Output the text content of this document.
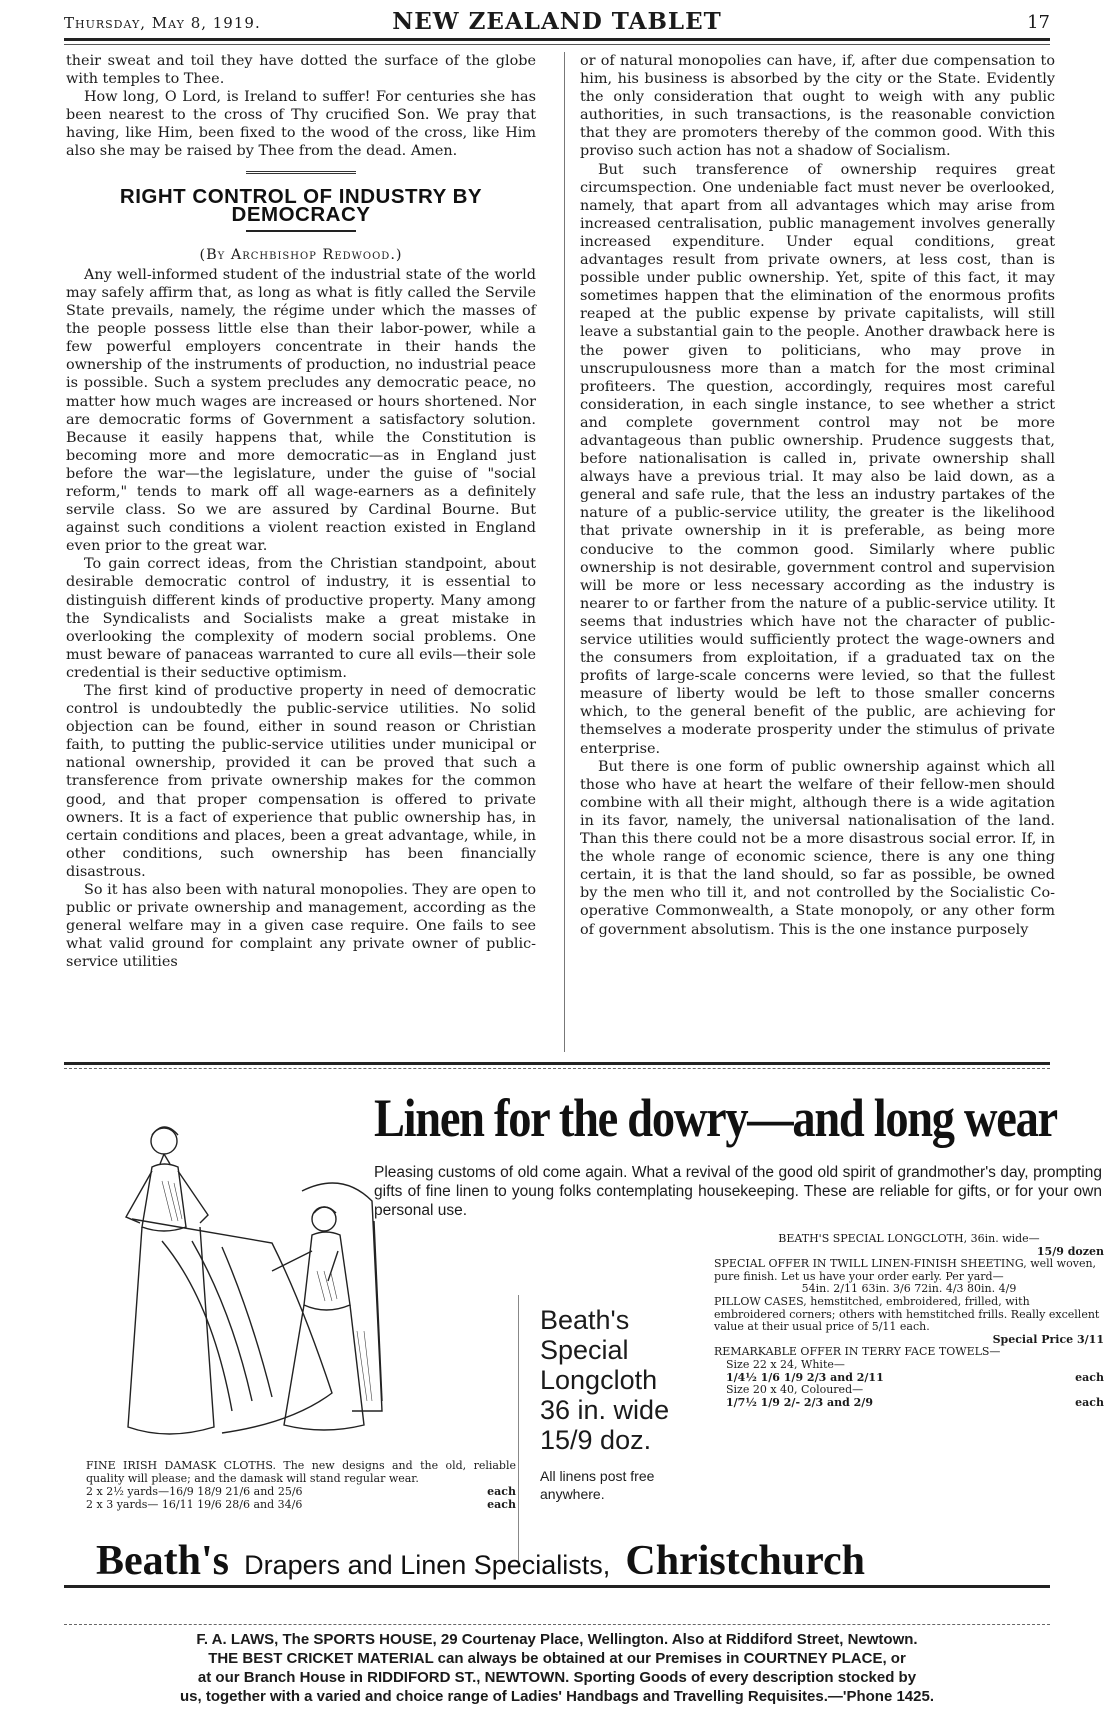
Thursday, May 8, 1919.	NEW ZEALAND TABLET	17

their sweat and toil they have dotted the surface of the globe with temples to Thee.

How long, O Lord, is Ireland to suffer! For centuries she has been nearest to the cross of Thy crucified Son. We pray that having, like Him, been fixed to the wood of the cross, like Him also she may be raised by Thee from the dead. Amen.

RIGHT CONTROL OF INDUSTRY BY DEMOCRACY
(By Archbishop Redwood.)

Any well-informed student of the industrial state of the world may safely affirm that, as long as what is fitly called the Servile State prevails, namely, the régime under which the masses of the people possess little else than their labor-power, while a few powerful employers concentrate in their hands the ownership of the instruments of production, no industrial peace is possible. Such a system precludes any democratic peace, no matter how much wages are increased or hours shortened. Nor are democratic forms of Government a satisfactory solution. Because it easily happens that, while the Constitution is becoming more and more democratic—as in England just before the war—the legislature, under the guise of "social reform," tends to mark off all wage-earners as a definitely servile class. So we are assured by Cardinal Bourne. But against such conditions a violent reaction existed in England even prior to the great war.

To gain correct ideas, from the Christian standpoint, about desirable democratic control of industry, it is essential to distinguish different kinds of productive property. Many among the Syndicalists and Socialists make a great mistake in overlooking the complexity of modern social problems. One must beware of panaceas warranted to cure all evils—their sole credential is their seductive optimism.

The first kind of productive property in need of democratic control is undoubtedly the public-service utilities. No solid objection can be found, either in sound reason or Christian faith, to putting the public-service utilities under municipal or national ownership, provided it can be proved that such a transference from private ownership makes for the common good, and that proper compensation is offered to private owners. It is a fact of experience that public ownership has, in certain conditions and places, been a great advantage, while, in other conditions, such ownership has been financially disastrous.

So it has also been with natural monopolies. They are open to public or private ownership and management, according as the general welfare may in a given case require. One fails to see what valid ground for complaint any private owner of public-service utilities

or of natural monopolies can have, if, after due compensation to him, his business is absorbed by the city or the State. Evidently the only consideration that ought to weigh with any public authorities, in such transactions, is the reasonable conviction that they are promoters thereby of the common good. With this proviso such action has not a shadow of Socialism.

But such transference of ownership requires great circumspection. One undeniable fact must never be overlooked, namely, that apart from all advantages which may arise from increased centralisation, public management involves generally increased expenditure. Under equal conditions, great advantages result from private owners, at less cost, than is possible under public ownership. Yet, spite of this fact, it may sometimes happen that the elimination of the enormous profits reaped at the public expense by private capitalists, will still leave a substantial gain to the people. Another drawback here is the power given to politicians, who may prove in unscrupulousness more than a match for the most criminal profiteers. The question, accordingly, requires most careful consideration, in each single instance, to see whether a strict and complete government control may not be more advantageous than public ownership. Prudence suggests that, before nationalisation is called in, private ownership shall always have a previous trial. It may also be laid down, as a general and safe rule, that the less an industry partakes of the nature of a public-service utility, the greater is the likelihood that private ownership in it is preferable, as being more conducive to the common good. Similarly where public ownership is not desirable, government control and supervision will be more or less necessary according as the industry is nearer to or farther from the nature of a public-service utility. It seems that industries which have not the character of public-service utilities would sufficiently protect the wage-owners and the consumers from exploitation, if a graduated tax on the profits of large-scale concerns were levied, so that the fullest measure of liberty would be left to those smaller concerns which, to the general benefit of the public, are achieving for themselves a moderate prosperity under the stimulus of private enterprise.

But there is one form of public ownership against which all those who have at heart the welfare of their fellow-men should combine with all their might, although there is a wide agitation in its favor, namely, the universal nationalisation of the land. Than this there could not be a more disastrous social error. If, in the whole range of economic science, there is any one thing certain, it is that the land should, so far as possible, be owned by the men who till it, and not controlled by the Socialistic Co-operative Commonwealth, a State monopoly, or any other form of government absolutism. This is the one instance purposely

Linen for the dowry—and long wear
Pleasing customs of old come again. What a revival of the good old spirit of grandmother's day, prompting gifts of fine linen to young folks contemplating housekeeping. These are reliable for gifts, or for your own personal use.
FINE IRISH DAMASK CLOTHS. The new designs and the old, reliable quality will please; and the damask will stand regular wear.
2 x 2½ yards—16/9 18/9 21/6 and 25/6	each
2 x 3 yards— 16/11 19/6 28/6 and 34/6	each
Beath's
Special
Longcloth
36 in. wide
15/9 doz.
All linens post free anywhere.
BEATH'S SPECIAL LONGCLOTH, 36in. wide—
15/9 dozen
SPECIAL OFFER IN TWILL LINEN-FINISH SHEETING, well woven, pure finish. Let us have your order early. Per yard—
54in. 2/11 63in. 3/6 72in. 4/3 80in. 4/9
PILLOW CASES, hemstitched, embroidered, frilled, with embroidered corners; others with hemstitched frills. Really excellent value at their usual price of 5/11 each.
Special Price 3/11
REMARKABLE OFFER IN TERRY FACE TOWELS—
Size 22 x 24, White—
1/4½ 1/6 1/9 2/3 and 2/11	each
Size 20 x 40, Coloured—
1/7½ 1/9 2/- 2/3 and 2/9	each
Beath's Drapers and Linen Specialists, Christchurch
F. A. LAWS, The SPORTS HOUSE, 29 Courtenay Place, Wellington. Also at Riddiford Street, Newtown.
THE BEST CRICKET MATERIAL can always be obtained at our Premises in COURTNEY PLACE, or
at our Branch House in RIDDIFORD ST., NEWTOWN. Sporting Goods of every description stocked by
us, together with a varied and choice range of Ladies' Handbags and Travelling Requisites.—'Phone 1425.
